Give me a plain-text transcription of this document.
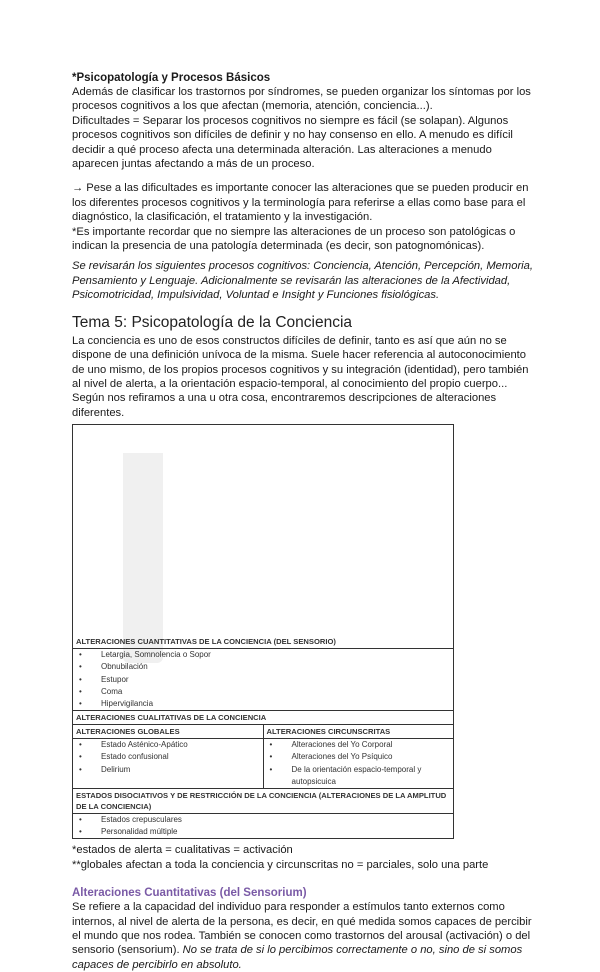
*Psicopatología y Procesos Básicos

Además de clasificar los trastornos por síndromes, se pueden organizar los síntomas por los procesos cognitivos a los que afectan (memoria, atención, conciencia...).

Dificultades = Separar los procesos cognitivos no siempre es fácil (se solapan). Algunos procesos cognitivos son difíciles de definir y no hay consenso en ello. A menudo es difícil decidir a qué proceso afecta una determinada alteración. Las alteraciones a menudo aparecen juntas afectando a más de un proceso.

→ Pese a las dificultades es importante conocer las alteraciones que se pueden producir en los diferentes procesos cognitivos y la terminología para referirse a ellas como base para el diagnóstico, la clasificación, el tratamiento y la investigación.

*Es importante recordar que no siempre las alteraciones de un proceso son patológicas o indican la presencia de una patología determinada (es decir, son patognomónicas).

Se revisarán los siguientes procesos cognitivos: Conciencia, Atención, Percepción, Memoria, Pensamiento y Lenguaje. Adicionalmente se revisarán las alteraciones de la Afectividad, Psicomotricidad, Impulsividad, Voluntad e Insight y Funciones fisiológicas.

Tema 5: Psicopatología de la Conciencia

La conciencia es uno de esos constructos difíciles de definir, tanto es así que aún no se dispone de una definición unívoca de la misma. Suele hacer referencia al autoconocimiento de uno mismo, de los propios procesos cognitivos y su integración (identidad), pero también al nivel de alerta, a la orientación espacio-temporal, al conocimiento del propio cuerpo... Según nos refiramos a una u otra cosa, encontraremos descripciones de alteraciones diferentes.

ALTERACIONES CUANTITATIVAS DE LA CONCIENCIA (DEL SENSORIO)
• Letargia, Somnolencia o Sopor
• Obnubilación
• Estupor
• Coma
• Hipervigilancia
ALTERACIONES CUALITATIVAS DE LA CONCIENCIA
ALTERACIONES GLOBALES
• Estado Asténico-Apático
• Estado confusional
• Delirium
ALTERACIONES CIRCUNSCRITAS
• Alteraciones del Yo Corporal
• Alteraciones del Yo Psíquico
• De la orientación espacio-temporal y autopsicuica
ESTADOS DISOCIATIVOS Y DE RESTRICCIÓN DE LA CONCIENCIA (ALTERACIONES DE LA AMPLITUD DE LA CONCIENCIA)
• Estados crepusculares
• Personalidad múltiple

*estados de alerta = cualitativas = activación

**globales afectan a toda la conciencia y circunscritas no = parciales, solo una parte

Alteraciones Cuantitativas (del Sensorium)

Se refiere a la capacidad del individuo para responder a estímulos tanto externos como internos, al nivel de alerta de la persona, es decir, en qué medida somos capaces de percibir el mundo que nos rodea. También se conocen como trastornos del arousal (activación) o del sensorio (sensorium). No se trata de si lo percibimos correctamente o no, sino de si somos capaces de percibirlo en absoluto.
